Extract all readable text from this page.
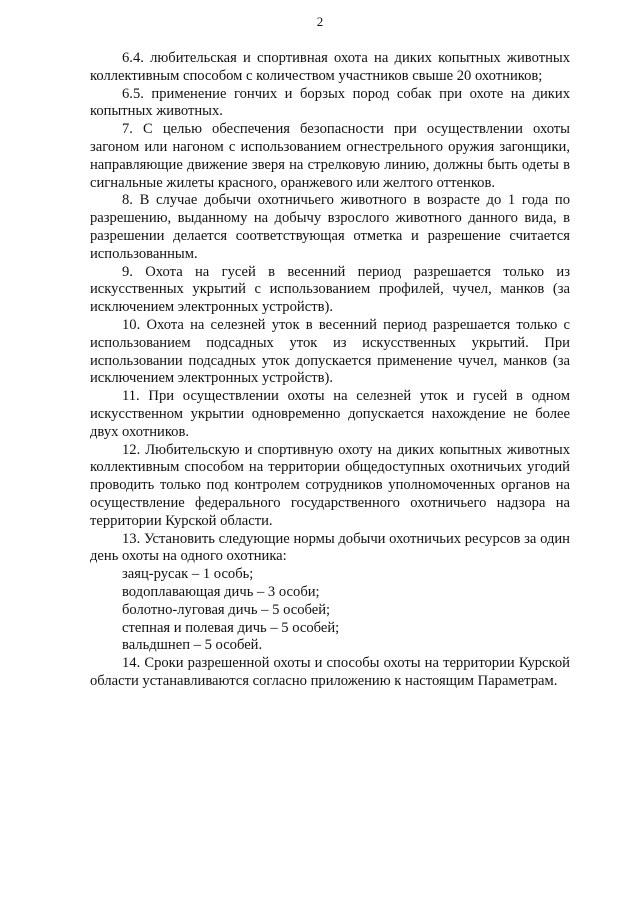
2

6.4. любительская и спортивная охота на диких копытных животных коллективным способом с количеством участников свыше 20 охотников;

6.5. применение гончих и борзых пород собак при охоте на диких копытных животных.

7. С целью обеспечения безопасности при осуществлении охоты загоном или нагоном с использованием огнестрельного оружия загонщики, направляющие движение зверя на стрелковую линию, должны быть одеты в сигнальные жилеты красного, оранжевого или желтого оттенков.

8. В случае добычи охотничьего животного в возрасте до 1 года по разрешению, выданному на добычу взрослого животного данного вида, в разрешении делается соответствующая отметка и разрешение считается использованным.

9. Охота на гусей в весенний период разрешается только из искусственных укрытий с использованием профилей, чучел, манков (за исключением электронных устройств).

10. Охота на селезней уток в весенний период разрешается только с использованием подсадных уток из искусственных укрытий. При использовании подсадных уток допускается применение чучел, манков (за исключением электронных устройств).

11. При осуществлении охоты на селезней уток и гусей в одном искусственном укрытии одновременно допускается нахождение не более двух охотников.

12. Любительскую и спортивную охоту на диких копытных животных коллективным способом на территории общедоступных охотничьих угодий проводить только под контролем сотрудников уполномоченных органов на осуществление федерального государственного охотничьего надзора на территории Курской области.

13. Установить следующие нормы добычи охотничьих ресурсов за один день охоты на одного охотника:

заяц-русак – 1 особь;

водоплавающая дичь – 3 особи;

болотно-луговая дичь – 5 особей;

степная и полевая дичь – 5 особей;

вальдшнеп – 5 особей.

14. Сроки разрешенной охоты и способы охоты на территории Курской области устанавливаются согласно приложению к настоящим Параметрам.
